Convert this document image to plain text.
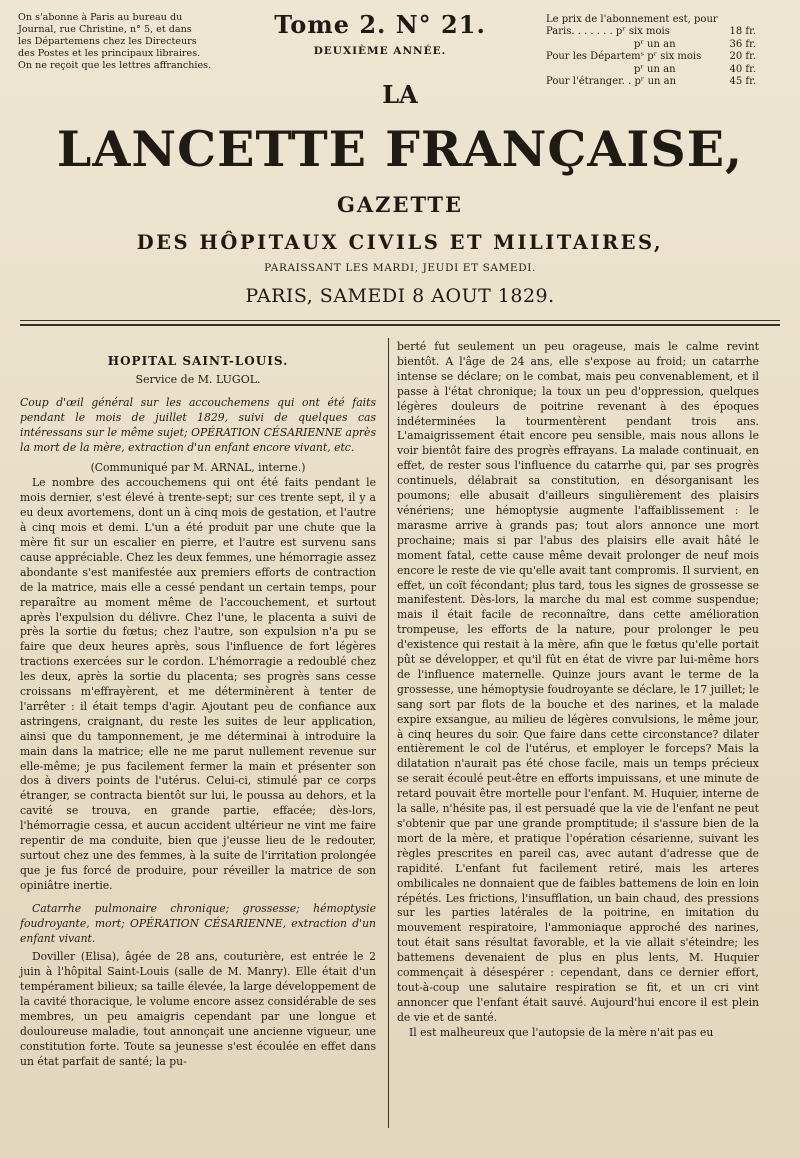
On s'abonne à Paris au bureau du

Journal, rue Christine, n° 5, et dans

les Départemens chez les Directeurs

des Postes et les principaux libraires.

On ne reçoit que les lettres affranchies.

Tome 2. N° 21.
DEUXIÈME ANNÉE.
Le prix de l'abonnement est, pour
Paris. . . . . . . pʳ six mois	18 fr.
pʳ un an	36 fr.
Pour les Départemˢ pʳ six mois	20 fr.
pʳ un an	40 fr.
Pour l'étranger. . pʳ un an	45 fr.
LA
LANCETTE FRANÇAISE,
GAZETTE
DES HÔPITAUX CIVILS ET MILITAIRES,
PARAISSANT LES MARDI, JEUDI ET SAMEDI.
PARIS, SAMEDI 8 AOUT 1829.
HOPITAL SAINT-LOUIS.
Service de M. LUGOL.

Coup d'œil général sur les accouchemens qui ont été faits pendant le mois de juillet 1829, suivi de quelques cas intéressans sur le même sujet; OPÉRATION CÉSARIENNE après la mort de la mère, extraction d'un enfant encore vivant, etc.

(Communiqué par M. ARNAL, interne.)

Le nombre des accouchemens qui ont été faits pendant le mois dernier, s'est élevé à trente-sept; sur ces trente sept, il y a eu deux avortemens, dont un à cinq mois de gestation, et l'autre à cinq mois et demi. L'un a été produit par une chute que la mère fit sur un escalier en pierre, et l'autre est survenu sans cause appréciable. Chez les deux femmes, une hémorragie assez abondante s'est manifestée aux premiers efforts de contraction de la matrice, mais elle a cessé pendant un certain temps, pour reparaître au moment même de l'accouchement, et surtout après l'expulsion du délivre. Chez l'une, le placenta a suivi de près la sortie du fœtus; chez l'autre, son expulsion n'a pu se faire que deux heures après, sous l'influence de fort légères tractions exercées sur le cordon. L'hémorragie a redoublé chez les deux, après la sortie du placenta; ses progrès sans cesse croissans m'effrayèrent, et me déterminèrent à tenter de l'arrêter : il était temps d'agir. Ajoutant peu de confiance aux astringens, craignant, du reste les suites de leur application, ainsi que du tamponnement, je me déterminai à introduire la main dans la matrice; elle ne me parut nullement revenue sur elle-même; je pus facilement fermer la main et présenter son dos à divers points de l'utérus. Celui-ci, stimulé par ce corps étranger, se contracta bientôt sur lui, le poussa au dehors, et la cavité se trouva, en grande partie, effacée; dès-lors, l'hémorragie cessa, et aucun accident ultérieur ne vint me faire repentir de ma conduite, bien que j'eusse lieu de le redouter, surtout chez une des femmes, à la suite de l'irritation prolongée que je fus forcé de produire, pour réveiller la matrice de son opiniâtre inertie.

Catarrhe pulmonaire chronique; grossesse; hémoptysie foudroyante, mort; OPÉRATION CÉSARIENNE, extraction d'un enfant vivant.

Doviller (Elisa), âgée de 28 ans, couturière, est entrée le 2 juin à l'hôpital Saint-Louis (salle de M. Manry). Elle était d'un tempérament bilieux; sa taille élevée, la large développement de la cavité thoracique, le volume encore assez considérable de ses membres, un peu amaigris cependant par une longue et douloureuse maladie, tout annonçait une ancienne vigueur, une constitution forte. Toute sa jeunesse s'est écoulée en effet dans un état parfait de santé; la pu-

berté fut seulement un peu orageuse, mais le calme revint bientôt. A l'âge de 24 ans, elle s'expose au froid; un catarrhe intense se déclare; on le combat, mais peu convenablement, et il passe à l'état chronique; la toux un peu d'oppression, quelques légères douleurs de poitrine revenant à des époques indéterminées la tourmentèrent pendant trois ans. L'amaigrissement était encore peu sensible, mais nous allons le voir bientôt faire des progrès effrayans. La malade continuait, en effet, de rester sous l'influence du catarrhe qui, par ses progrès continuels, délabrait sa constitution, en désorganisant les poumons; elle abusait d'ailleurs singulièrement des plaisirs vénériens; une hémoptysie augmente l'affaiblissement : le marasme arrive à grands pas; tout alors annonce une mort prochaine; mais si par l'abus des plaisirs elle avait hâté le moment fatal, cette cause même devait prolonger de neuf mois encore le reste de vie qu'elle avait tant compromis. Il survient, en effet, un coït fécondant; plus tard, tous les signes de grossesse se manifestent. Dès-lors, la marche du mal est comme suspendue; mais il était facile de reconnaître, dans cette amélioration trompeuse, les efforts de la nature, pour prolonger le peu d'existence qui restait à la mère, afin que le fœtus qu'elle portait pût se développer, et qu'il fût en état de vivre par lui-même hors de l'influence maternelle. Quinze jours avant le terme de la grossesse, une hémoptysie foudroyante se déclare, le 17 juillet; le sang sort par flots de la bouche et des narines, et la malade expire exsangue, au milieu de légères convulsions, le même jour, à cinq heures du soir. Que faire dans cette circonstance? dilater entièrement le col de l'utérus, et employer le forceps? Mais la dilatation n'aurait pas été chose facile, mais un temps précieux se serait écoulé peut-être en efforts impuissans, et une minute de retard pouvait être mortelle pour l'enfant. M. Huquier, interne de la salle, n'hésite pas, il est persuadé que la vie de l'enfant ne peut s'obtenir que par une grande promptitude; il s'assure bien de la mort de la mère, et pratique l'opération césarienne, suivant les règles prescrites en pareil cas, avec autant d'adresse que de rapidité. L'enfant fut facilement retiré, mais les arteres ombilicales ne donnaient que de faibles battemens de loin en loin répétés. Les frictions, l'insufflation, un bain chaud, des pressions sur les parties latérales de la poitrine, en imitation du mouvement respiratoire, l'ammoniaque approché des narines, tout était sans résultat favorable, et la vie allait s'éteindre; les battemens devenaient de plus en plus lents, M. Huquier commençait à désespérer : cependant, dans ce dernier effort, tout-à-coup une salutaire respiration se fit, et un cri vint annoncer que l'enfant était sauvé. Aujourd'hui encore il est plein de vie et de santé.

Il est malheureux que l'autopsie de la mère n'ait pas eu
